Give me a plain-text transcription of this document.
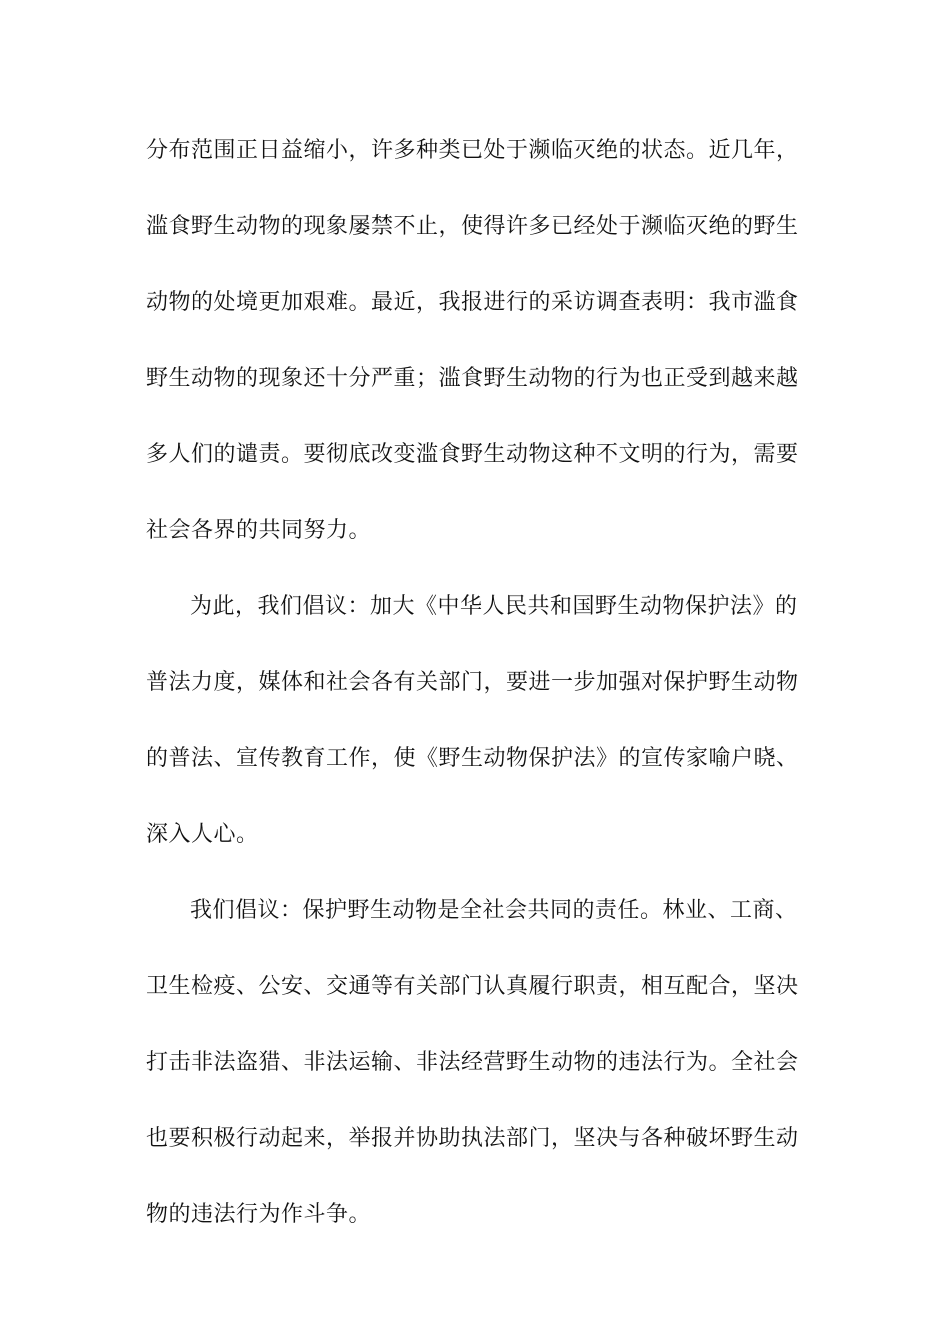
分布范围正日益缩小，许多种类已处于濒临灭绝的状态。近几年，
滥食野生动物的现象屡禁不止，使得许多已经处于濒临灭绝的野生
动物的处境更加艰难。最近，我报进行的采访调查表明：我市滥食
野生动物的现象还十分严重；滥食野生动物的行为也正受到越来越
多人们的谴责。要彻底改变滥食野生动物这种不文明的行为，需要
社会各界的共同努力。
为此，我们倡议：加大《中华人民共和国野生动物保护法》的
普法力度，媒体和社会各有关部门，要进一步加强对保护野生动物
的普法、宣传教育工作，使《野生动物保护法》的宣传家喻户晓、
深入人心。
我们倡议：保护野生动物是全社会共同的责任。林业、工商、
卫生检疫、公安、交通等有关部门认真履行职责，相互配合，坚决
打击非法盗猎、非法运输、非法经营野生动物的违法行为。全社会
也要积极行动起来，举报并协助执法部门，坚决与各种破坏野生动
物的违法行为作斗争。
